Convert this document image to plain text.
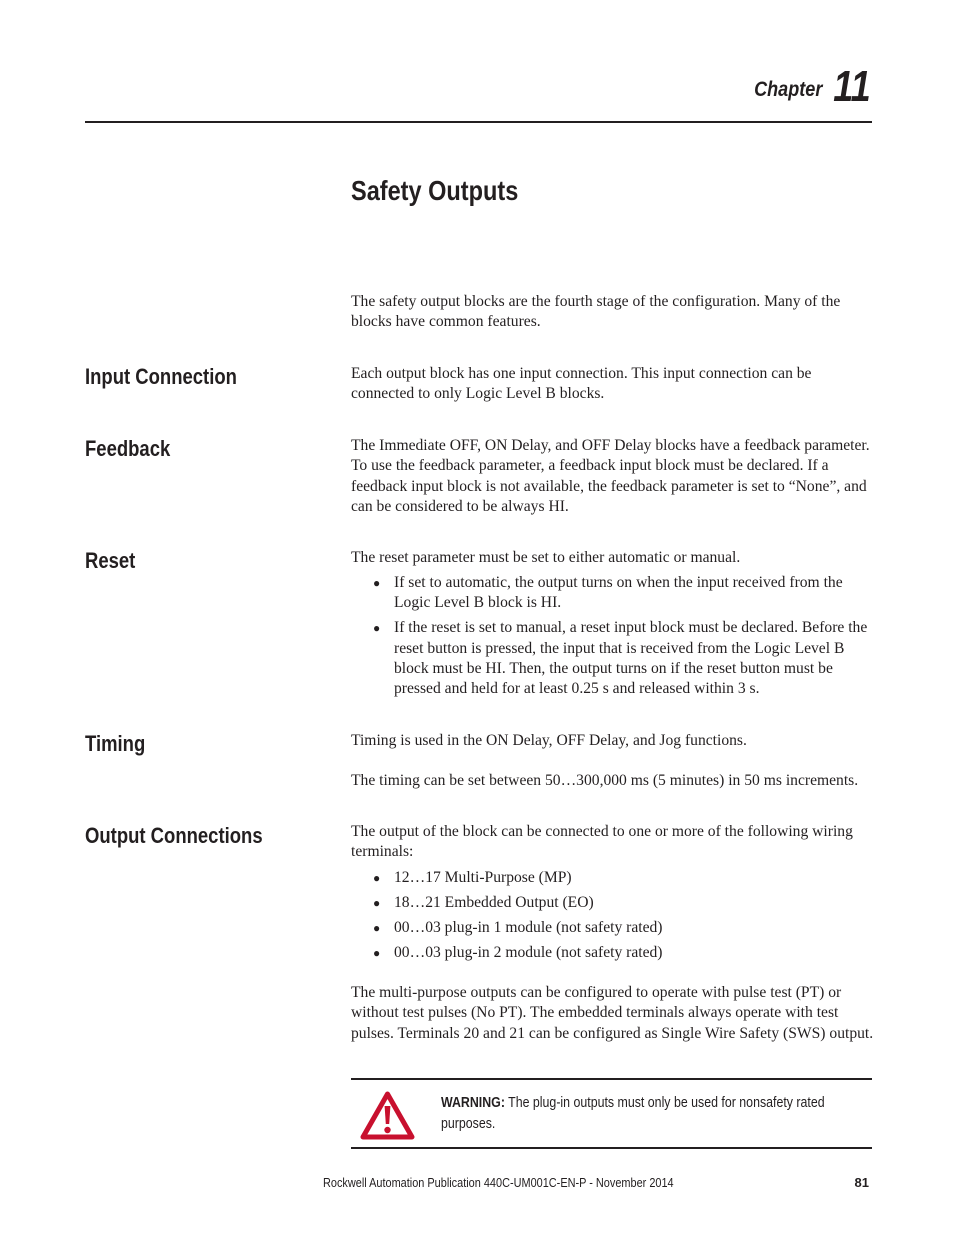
Chapter 11
Safety Outputs

The safety output blocks are the fourth stage of the configuration. Many of the blocks have common features.

Input Connection	Each output block has one input connection. This input connection can be connected to only Logic Level B blocks.

Feedback	The Immediate OFF, ON Delay, and OFF Delay blocks have a feedback parameter. To use the feedback parameter, a feedback input block must be declared. If a feedback input block is not available, the feedback parameter is set to “None”, and can be considered to be always HI.

Reset	The reset parameter must be set to either automatic or manual.

● If set to automatic, the output turns on when the input received from the Logic Level B block is HI.
● If the reset is set to manual, a reset input block must be declared. Before the reset button is pressed, the input that is received from the Logic Level B block must be HI. Then, the output turns on if the reset button must be pressed and held for at least 0.25 s and released within 3 s.
Timing	Timing is used in the ON Delay, OFF Delay, and Jog functions.

The timing can be set between 50…300,000 ms (5 minutes) in 50 ms increments.

Output Connections	The output of the block can be connected to one or more of the following wiring terminals:

● 12…17 Multi-Purpose (MP)
● 18…21 Embedded Output (EO)
● 00…03 plug-in 1 module (not safety rated)
● 00…03 plug-in 2 module (not safety rated)

The multi-purpose outputs can be configured to operate with pulse test (PT) or without test pulses (No PT). The embedded terminals always operate with test pulses. Terminals 20 and 21 can be configured as Single Wire Safety (SWS) output.

WARNING: The plug-in outputs must only be used for nonsafety rated purposes.

Rockwell Automation Publication 440C-UM001C-EN-P - November 2014	81
